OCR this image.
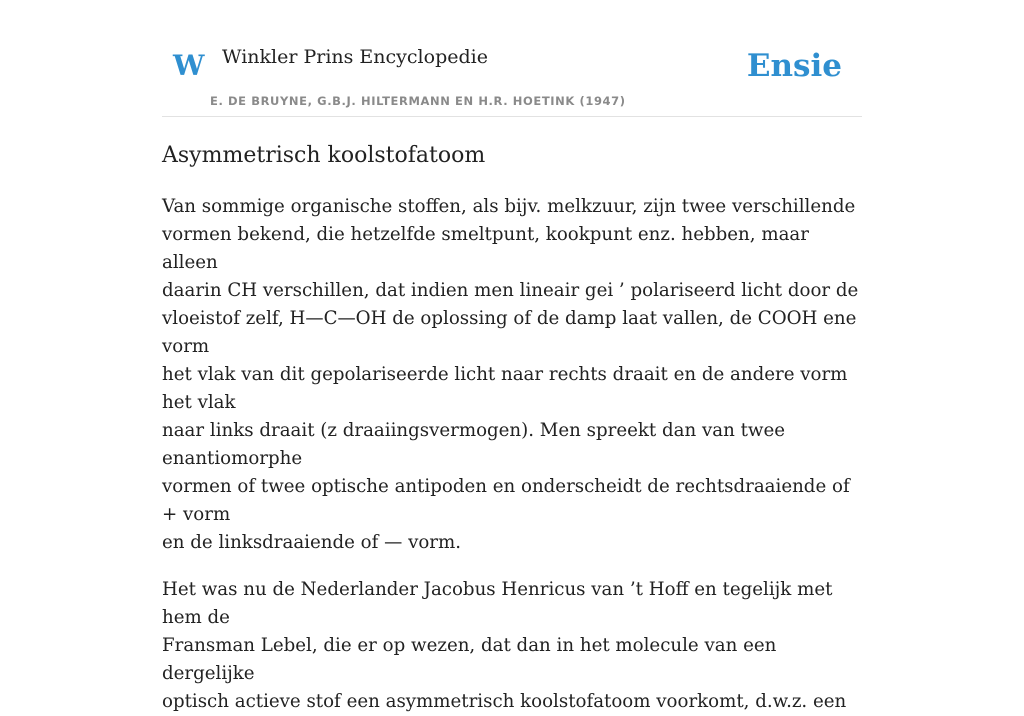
W Winkler Prins Encyclopedie
E. DE BRUYNE, G.B.J. HILTERMANN EN H.R. HOETINK (1947)
Ensie
Asymmetrisch koolstofatoom

Van sommige organische stoffen, als bijv. melkzuur, zijn twee verschillende
vormen bekend, die hetzelfde smeltpunt, kookpunt enz. hebben, maar alleen
daarin CH verschillen, dat indien men lineair gei ’ polariseerd licht door de
vloeistof zelf, H—C—OH de oplossing of de damp laat vallen, de COOH ene vorm
het vlak van dit gepolariseerde licht naar rechts draait en de andere vorm het vlak
naar links draait (z draaiingsvermogen). Men spreekt dan van twee enantiomorphe
vormen of twee optische antipoden en onderscheidt de rechtsdraaiende of + vorm
en de linksdraaiende of — vorm.

Het was nu de Nederlander Jacobus Henricus van ’t Hoff en tegelijk met hem de
Fransman Lebel, die er op wezen, dat dan in het molecule van een dergelijke
optisch actieve stof een asymmetrisch koolstofatoom voorkomt, d.w.z. een
